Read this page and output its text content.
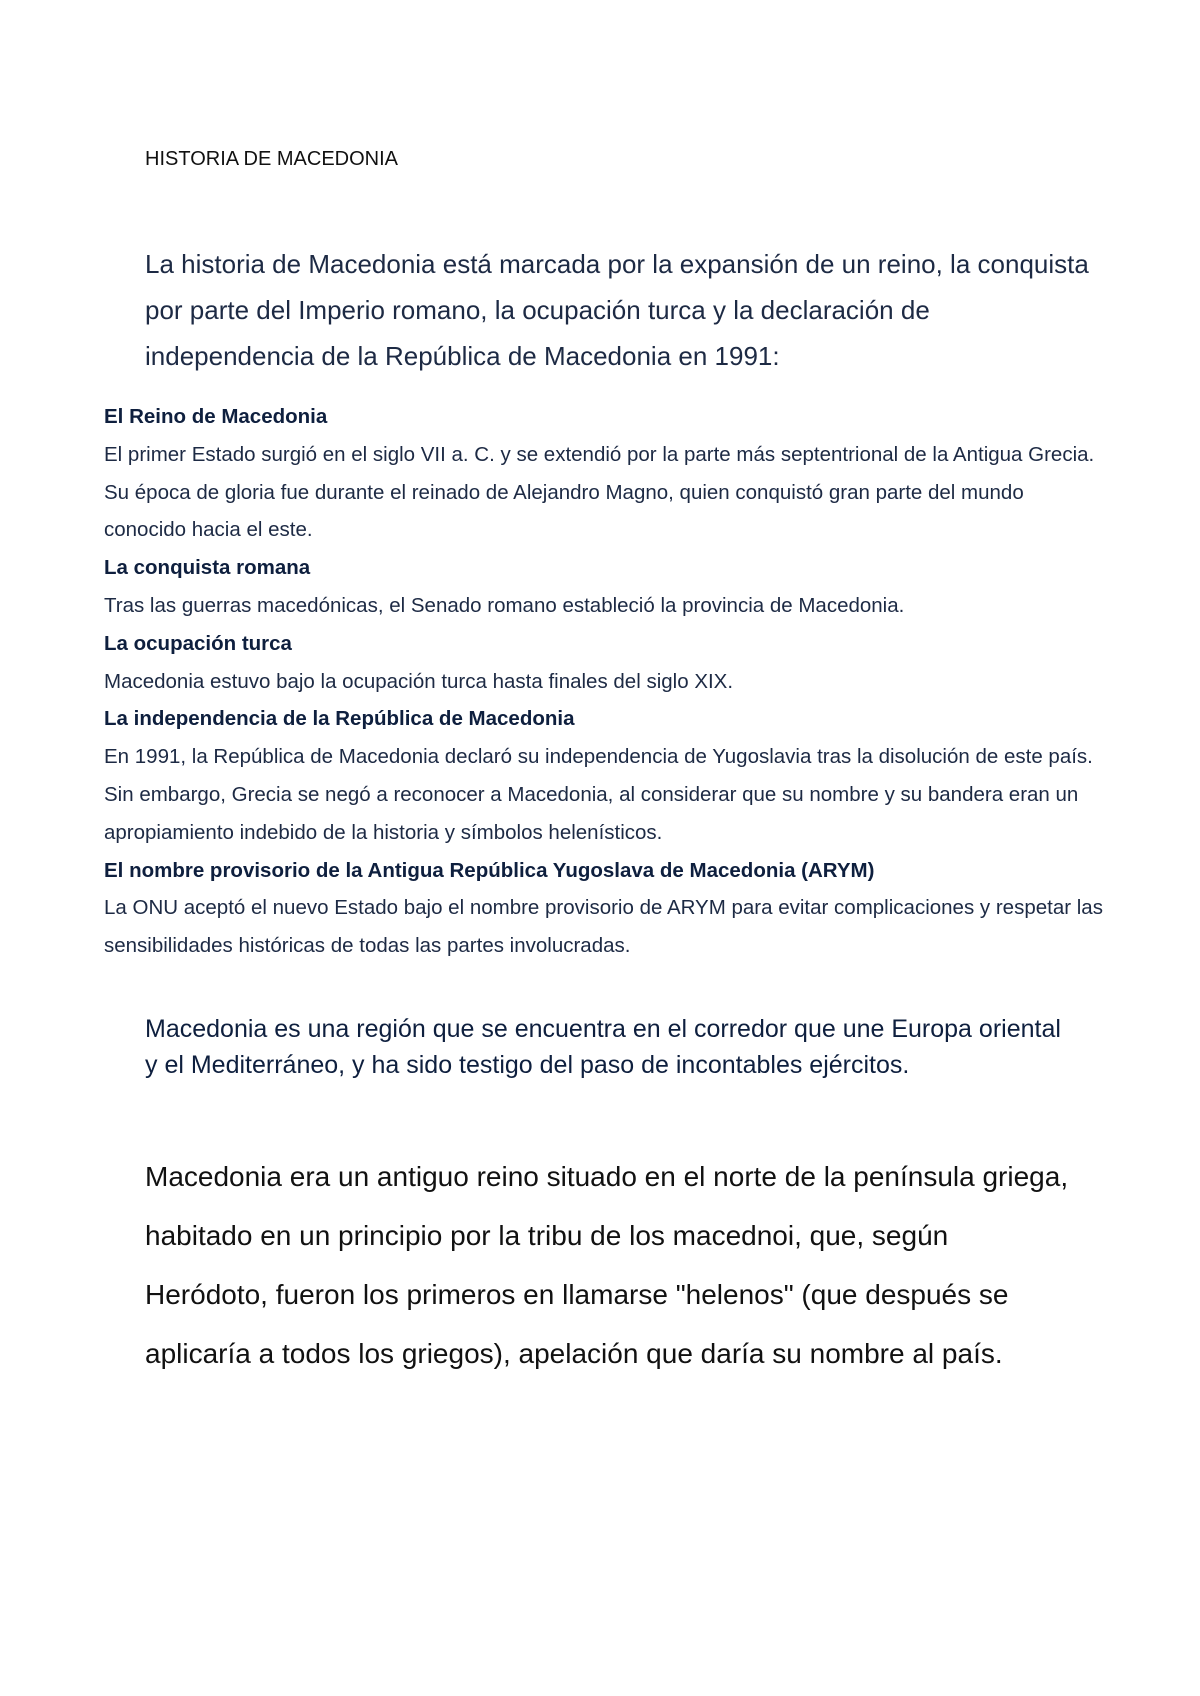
HISTORIA DE MACEDONIA

La historia de Macedonia está marcada por la expansión de un reino, la conquista por parte del Imperio romano, la ocupación turca y la declaración de independencia de la República de Macedonia en 1991:

El Reino de Macedonia

El primer Estado surgió en el siglo VII a. C. y se extendió por la parte más septentrional de la Antigua Grecia. Su época de gloria fue durante el reinado de Alejandro Magno, quien conquistó gran parte del mundo conocido hacia el este.

La conquista romana

Tras las guerras macedónicas, el Senado romano estableció la provincia de Macedonia.

La ocupación turca

Macedonia estuvo bajo la ocupación turca hasta finales del siglo XIX.

La independencia de la República de Macedonia

En 1991, la República de Macedonia declaró su independencia de Yugoslavia tras la disolución de este país. Sin embargo, Grecia se negó a reconocer a Macedonia, al considerar que su nombre y su bandera eran un apropiamiento indebido de la historia y símbolos helenísticos.

El nombre provisorio de la Antigua República Yugoslava de Macedonia (ARYM)

La ONU aceptó el nuevo Estado bajo el nombre provisorio de ARYM para evitar complicaciones y respetar las sensibilidades históricas de todas las partes involucradas.

Macedonia es una región que se encuentra en el corredor que une Europa oriental y el Mediterráneo, y ha sido testigo del paso de incontables ejércitos.

Macedonia era un antiguo reino situado en el norte de la península griega, habitado en un principio por la tribu de los macednoi, que, según Heródoto, fueron los primeros en llamarse "helenos" (que después se aplicaría a todos los griegos), apelación que daría su nombre al país.
